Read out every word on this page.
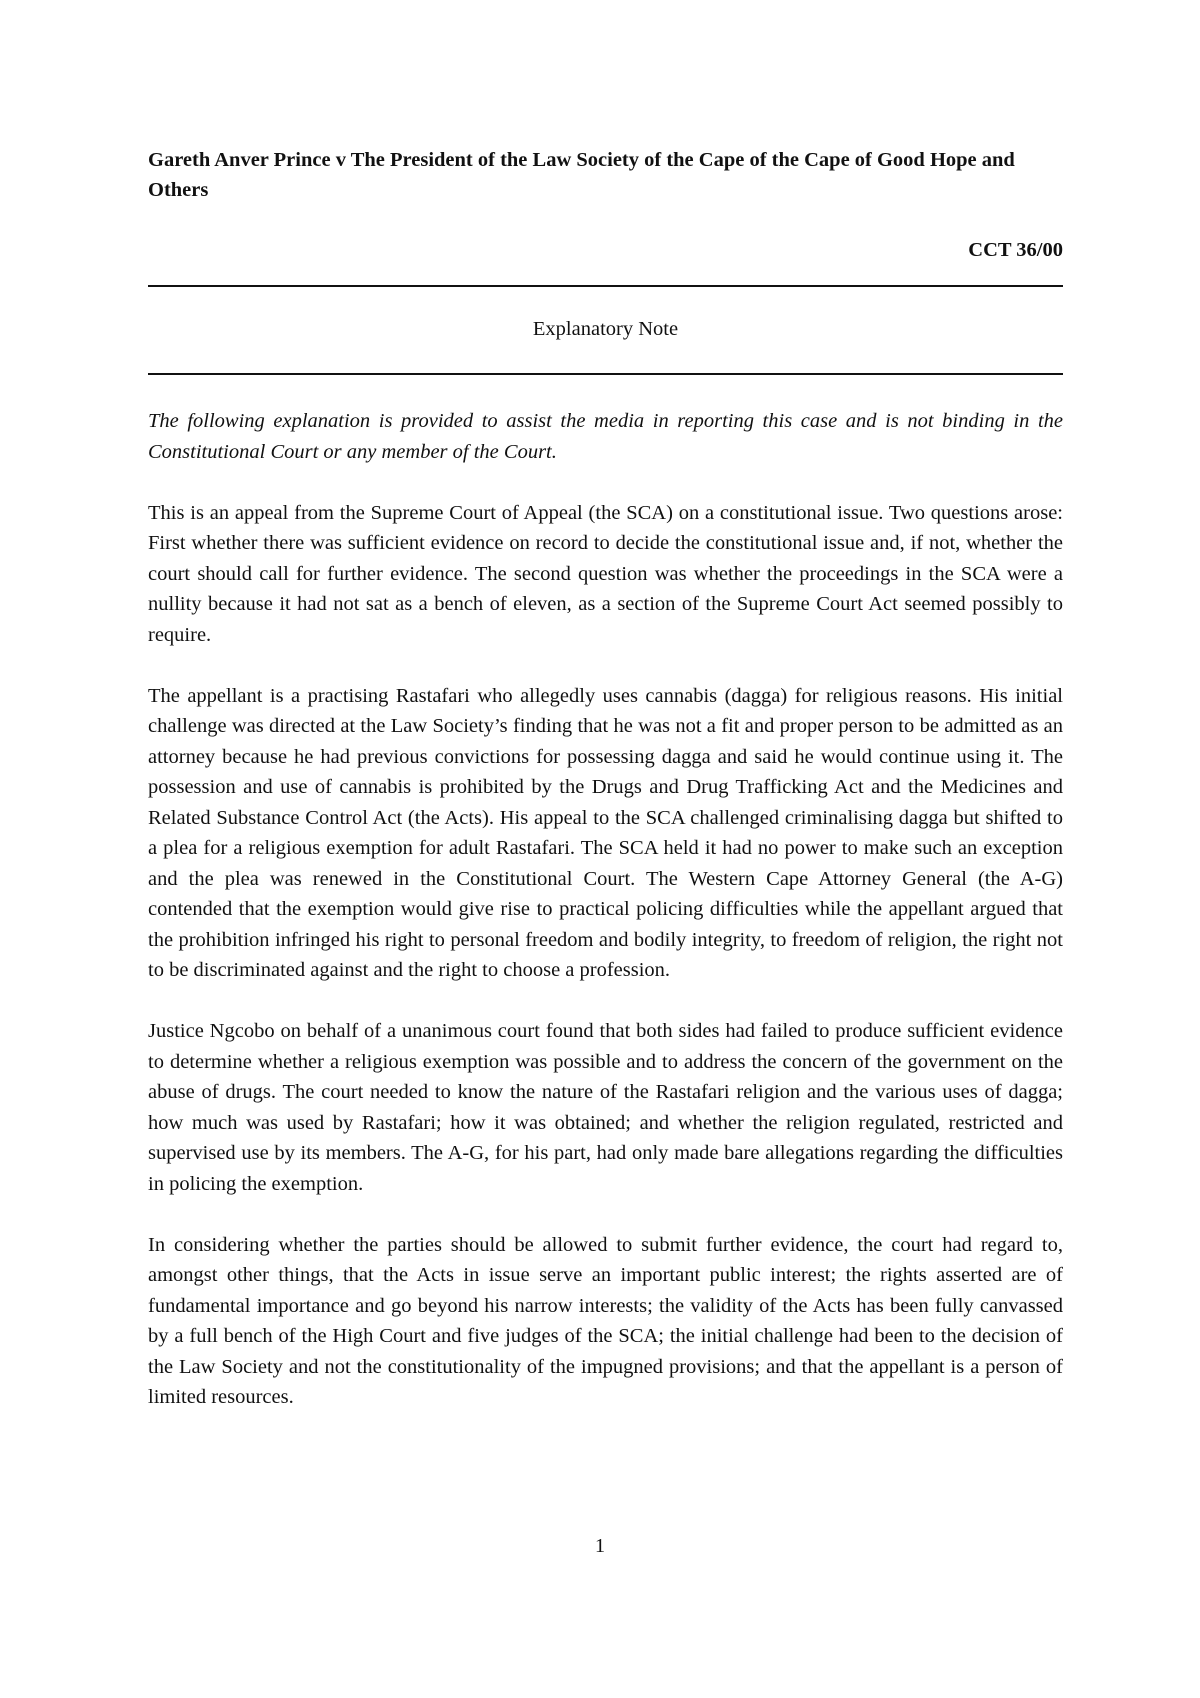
Gareth Anver Prince v The President of the Law Society of the Cape of the Cape of Good Hope and Others

CCT 36/00

Explanatory Note

The following explanation is provided to assist the media in reporting this case and is not binding in the Constitutional Court or any member of the Court.

This is an appeal from the Supreme Court of Appeal (the SCA) on a constitutional issue. Two questions arose: First whether there was sufficient evidence on record to decide the constitutional issue and, if not, whether the court should call for further evidence. The second question was whether the proceedings in the SCA were a nullity because it had not sat as a bench of eleven, as a section of the Supreme Court Act seemed possibly to require.

The appellant is a practising Rastafari who allegedly uses cannabis (dagga) for religious reasons. His initial challenge was directed at the Law Society’s finding that he was not a fit and proper person to be admitted as an attorney because he had previous convictions for possessing dagga and said he would continue using it. The possession and use of cannabis is prohibited by the Drugs and Drug Trafficking Act and the Medicines and Related Substance Control Act (the Acts). His appeal to the SCA challenged criminalising dagga but shifted to a plea for a religious exemption for adult Rastafari. The SCA held it had no power to make such an exception and the plea was renewed in the Constitutional Court. The Western Cape Attorney General (the A-G) contended that the exemption would give rise to practical policing difficulties while the appellant argued that the prohibition infringed his right to personal freedom and bodily integrity, to freedom of religion, the right not to be discriminated against and the right to choose a profession.

Justice Ngcobo on behalf of a unanimous court found that both sides had failed to produce sufficient evidence to determine whether a religious exemption was possible and to address the concern of the government on the abuse of drugs. The court needed to know the nature of the Rastafari religion and the various uses of dagga; how much was used by Rastafari; how it was obtained; and whether the religion regulated, restricted and supervised use by its members. The A-G, for his part, had only made bare allegations regarding the difficulties in policing the exemption.

In considering whether the parties should be allowed to submit further evidence, the court had regard to, amongst other things, that the Acts in issue serve an important public interest; the rights asserted are of fundamental importance and go beyond his narrow interests; the validity of the Acts has been fully canvassed by a full bench of the High Court and five judges of the SCA; the initial challenge had been to the decision of the Law Society and not the constitutionality of the impugned provisions; and that the appellant is a person of limited resources.

1
